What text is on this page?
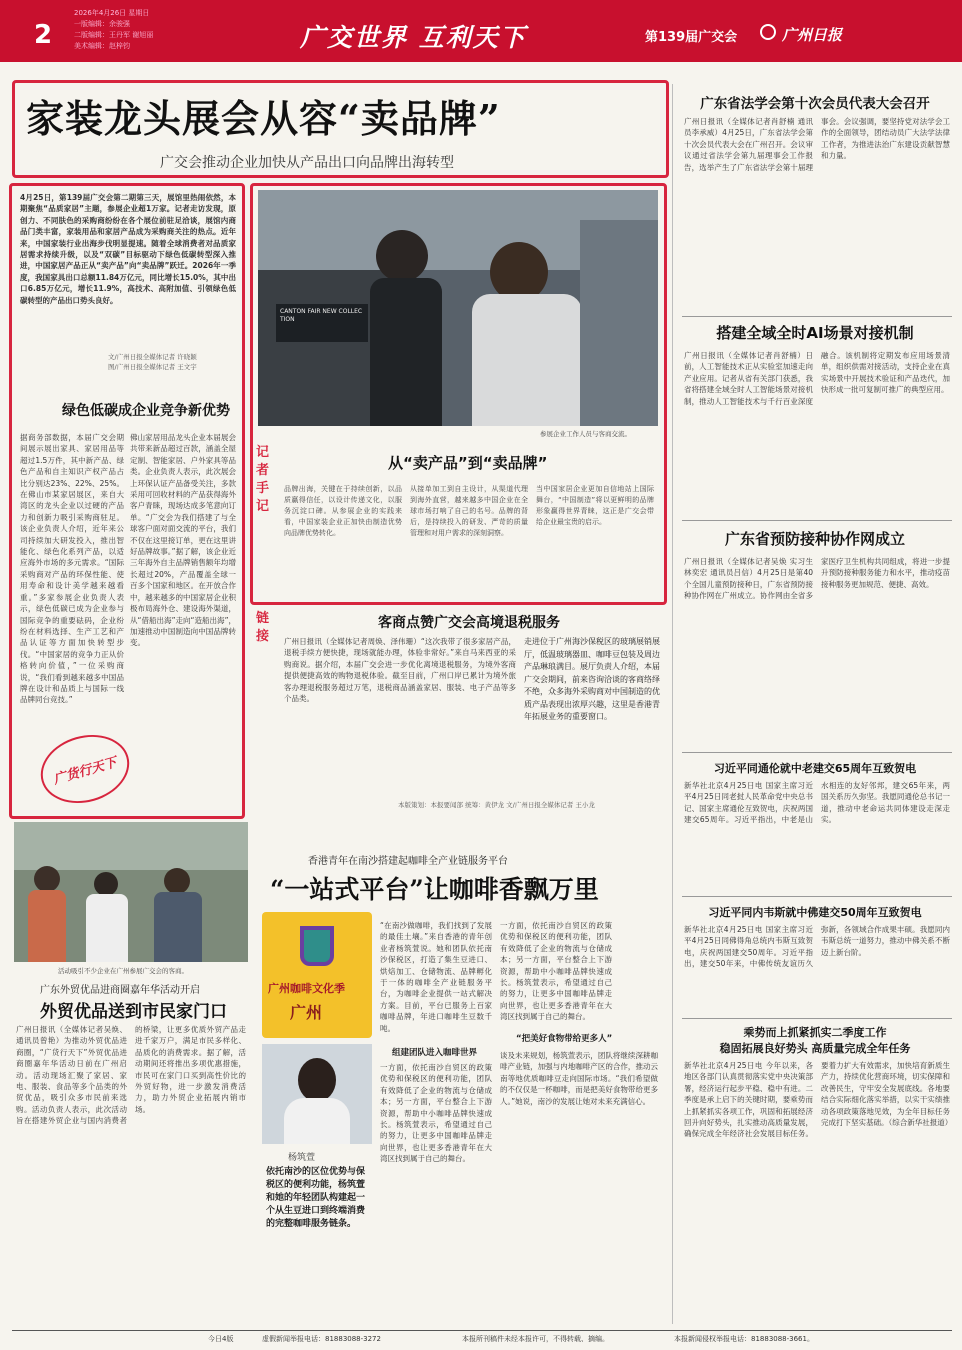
2
2026年4月26日 星期日
一版编辑：余骏强
二版编辑：王丹军 谢旭丽
美术编辑：赵梓钧	广交世界 互利天下	第139届广交会	广州日报
家装龙头展会从容“卖品牌”
广交会推动企业加快从产品出口向品牌出海转型
4月25日，第139届广交会第二期第三天，展馆里热闹依然，本期聚焦“品质家居”主题，参展企业超1万家。记者走访发现，原创力、不同肤色的采购商纷纷在各个展位前驻足洽谈，展馆内商品门类丰富，家装用品和家居产品成为采购商关注的热点。近年来，中国家装行业出海步伐明显提速。随着全球消费者对品质家居需求持续升级，以及“双碳”目标驱动下绿色低碳转型深入推进，中国家居产品正从“卖产品”向“卖品牌”跃迁。2026年一季度，我国家具出口总额11.84万亿元，同比增长15.0%，其中出口6.85万亿元，增长11.9%，高技术、高附加值、引领绿色低碳转型的产品出口势头良好。
文/广州日报全媒体记者 许晓颖
图/广州日报全媒体记者 王文宇
绿色低碳成企业竞争新优势
据商务部数据，本届广交会期间展示展出家具、家居用品等超过1.5万件，其中新产品、绿色产品和自主知识产权产品占比分别达23%、22%、25%。在佛山市某家居展区，来自大湾区的龙头企业以过硬的产品力和创新力吸引采购商驻足。该企业负责人介绍，近年来公司持续加大研发投入，推出智能化、绿色化系列产品，以适应海外市场的多元需求。“国际采购商对产品的环保性能、使用寿命和设计美学越来越看重。”多家参展企业负责人表示，绿色低碳已成为企业参与国际竞争的重要砝码，企业纷纷在材料选择、生产工艺和产品认证等方面加快转型步伐。“中国家居的竞争力正从价格转向价值，”一位采购商说，“我们看到越来越多中国品牌在设计和品质上与国际一线品牌同台竞技。”
佛山家居用品龙头企业本届展会共带来新品超过百款，涵盖全屋定制、智能家居、户外家具等品类。企业负责人表示，此次展会上环保认证产品备受关注，多款采用可回收材料的产品获得海外客户青睐，现场达成多笔意向订单。“广交会为我们搭建了与全球客户面对面交流的平台，我们不仅在这里接订单，更在这里讲好品牌故事。”据了解，该企业近三年海外自主品牌销售额年均增长超过20%，产品覆盖全球一百多个国家和地区。在开放合作中，越来越多的中国家居企业积极布局海外仓、建设海外渠道，从“借船出海”走向“造船出海”，加速推动中国制造向中国品牌转变。
广货行天下
CANTON FAIR NEW COLLECTION
参展企业工作人员与客商交流。
记者手记
从“卖产品”到“卖品牌”
品牌出海，关键在于持续创新，以品质赢得信任，以设计传递文化，以服务沉淀口碑。从参展企业的实践来看，中国家装企业正加快由制造优势向品牌优势转化。
从接单加工到自主设计，从渠道代理到海外直营，越来越多中国企业在全球市场打响了自己的名号。品牌的背后，是持续投入的研发、严苛的质量管理和对用户需求的深刻洞察。
当中国家居企业更加自信地站上国际舞台，“中国制造”将以更鲜明的品牌形象赢得世界青睐，这正是广交会带给企业最宝贵的启示。
链接
客商点赞广交会高境退税服务
广州日报讯（全媒体记者周焕、泽伟珊）“这次我带了很多家居产品，退税手续方便快捷，现场就能办理，体验非常好。”来自马来西亚的采购商说。据介绍，本届广交会进一步优化离境退税服务，为境外客商提供便捷高效的购物退税体验。截至目前，广州口岸已累计为境外旅客办理退税服务超过万笔，退税商品涵盖家居、服装、电子产品等多个品类。
走进位于广州海沙保税区的玻璃展销展厅，低温玻璃器皿、咖啡豆包装及周边产品琳琅满目。展厅负责人介绍，本届广交会期间，前来咨询洽谈的客商络绎不绝，众多海外采购商对中国制造的优质产品表现出浓厚兴趣，这里是香港青年拓展业务的重要窗口。
本版策划：本报要闻部 统筹：黄伊龙 文/广州日报全媒体记者 王小龙
活动吸引不少企业在广州参展广交会的客商。
广东外贸优品进商圈嘉年华活动开启
外贸优品送到市民家门口
广州日报讯（全媒体记者吴焕、通讯员曾艳）为推动外贸优品进商圈，“广货行天下”外贸优品进商圈嘉年华活动日前在广州启动。活动现场汇聚了家居、家电、服装、食品等多个品类的外贸优品，吸引众多市民前来选购。活动负责人表示，此次活动旨在搭建外贸企业与国内消费者的桥梁，让更多优质外贸产品走进千家万户，满足市民多样化、品质化的消费需求。据了解，活动期间还将推出多项优惠措施，市民可在家门口买到高性价比的外贸好物，进一步激发消费活力，助力外贸企业拓展内销市场。
香港青年在南沙搭建起咖啡全产业链服务平台
“一站式平台”让咖啡香飘万里
广州咖啡文化季
广州
杨筑萱
依托南沙的区位优势与保税区的便利功能，杨筑萱和她的年轻团队构建起一个从生豆进口到终端消费的完整咖啡服务链条。
“在南沙做咖啡，我们找到了发展的最佳土壤。”来自香港的青年创业者杨筑萱说。她和团队依托南沙保税区，打造了集生豆进口、烘焙加工、仓储物流、品牌孵化于一体的咖啡全产业链服务平台，为咖啡企业提供一站式解决方案。目前，平台已服务上百家咖啡品牌，年进口咖啡生豆数千吨。
组建团队进入咖啡世界
一方面，依托南沙自贸区的政策优势和保税区的便利功能，团队有效降低了企业的物流与仓储成本；另一方面，平台整合上下游资源，帮助中小咖啡品牌快速成长。杨筑萱表示，希望通过自己的努力，让更多中国咖啡品牌走向世界，也让更多香港青年在大湾区找到属于自己的舞台。
一方面，依托南沙自贸区的政策优势和保税区的便利功能，团队有效降低了企业的物流与仓储成本；另一方面，平台整合上下游资源，帮助中小咖啡品牌快速成长。杨筑萱表示，希望通过自己的努力，让更多中国咖啡品牌走向世界，也让更多香港青年在大湾区找到属于自己的舞台。
“把美好食物带给更多人”
谈及未来规划，杨筑萱表示，团队将继续深耕咖啡产业链，加强与内地咖啡产区的合作，推动云南等地优质咖啡豆走向国际市场。“我们希望做的不仅仅是一杯咖啡，而是把美好食物带给更多人。”她说，南沙的发展让她对未来充满信心。
广东省法学会第十次会员代表大会召开
广州日报讯（全媒体记者肖舒楠 通讯员李承威）4月25日，广东省法学会第十次会员代表大会在广州召开。会议审议通过省法学会第九届理事会工作报告，选举产生了广东省法学会第十届理事会。会议强调，要坚持党对法学会工作的全面领导，团结动员广大法学法律工作者，为推进法治广东建设贡献智慧和力量。
搭建全域全时AI场景对接机制
广州日报讯（全媒体记者肖舒楠）日前，人工智能技术正从实验室加速走向产业应用。记者从省有关部门获悉，我省将搭建全域全时人工智能场景对接机制，推动人工智能技术与千行百业深度融合。该机制将定期发布应用场景清单，组织供需对接活动，支持企业在真实场景中开展技术验证和产品迭代，加快形成一批可复制可推广的典型应用。
广东省预防接种协作网成立
广州日报讯（全媒体记者吴焕 实习生林奕宏 通讯员吕信）4月25日是第40个全国儿童预防接种日，广东省预防接种协作网在广州成立。协作网由全省多家医疗卫生机构共同组成，将进一步提升预防接种服务能力和水平，推动疫苗接种服务更加规范、便捷、高效。
习近平同通伦就中老建交65周年互致贺电
新华社北京4月25日电 国家主席习近平4月25日同老挝人民革命党中央总书记、国家主席通伦互致贺电，庆祝两国建交65周年。习近平指出，中老是山水相连的友好邻邦，建交65年来，两国关系历久弥坚。我愿同通伦总书记一道，推动中老命运共同体建设走深走实。
习近平同内韦斯就中佛建交50周年互致贺电
新华社北京4月25日电 国家主席习近平4月25日同佛得角总统内韦斯互致贺电，庆祝两国建交50周年。习近平指出，建交50年来，中佛传统友谊历久弥新，各领域合作成果丰硕。我愿同内韦斯总统一道努力，推动中佛关系不断迈上新台阶。
乘势而上抓紧抓实二季度工作
稳固拓展良好势头 高质量完成全年任务
新华社北京4月25日电 今年以来，各地区各部门认真贯彻落实党中央决策部署，经济运行起步平稳、稳中有进。二季度是承上启下的关键时期，要乘势而上抓紧抓实各项工作，巩固和拓展经济回升向好势头，扎实推动高质量发展，确保完成全年经济社会发展目标任务。要着力扩大有效需求，加快培育新质生产力，持续优化营商环境，切实保障和改善民生，守牢安全发展底线。各地要结合实际细化落实举措，以实干实绩推动各项政策落地见效，为全年目标任务完成打下坚实基础。（综合新华社报道）
今日4版	虚假新闻举报电话：81883088-3272	本报所刊稿件未经本报许可，不得转载、摘编。	本报新闻侵权举报电话：81883088-3661。
